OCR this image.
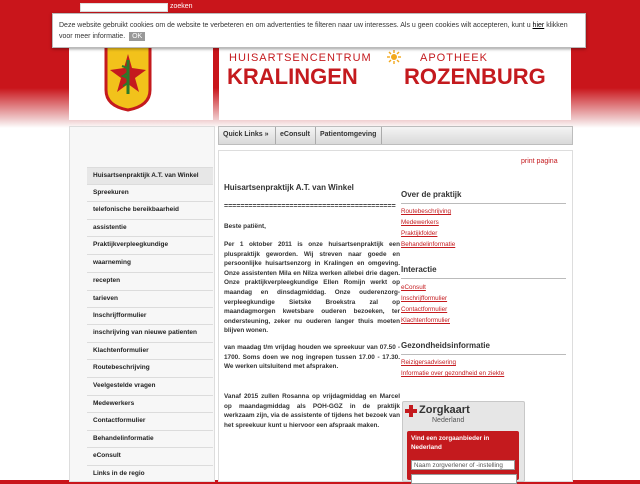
zoeken
HUISARTSENCENTRUM
KRALINGEN
APOTHEEK
ROZENBURG

Deze website gebruikt cookies om de website te verbeteren en om advertenties te filteren naar uw interesses. Als u geen cookies wilt accepteren, kunt u hier klikken voor meer informatie. OK

Quick Links » eConsult Patientomgeving
Huisartsenpraktijk A.T. van Winkel
Spreekuren
telefonische bereikbaarheid
assistentie
Praktijkverpleegkundige
waarneming
recepten
tarieven
Inschrijfformulier
inschrijving van nieuwe patienten
Klachtenformulier
Routebeschrijving
Veelgestelde vragen
Medewerkers
Contactformulier
Behandelinformatie
eConsult
Links in de regio
print pagina
Huisartsenpraktijk A.T. van Winkel
==========================================
Beste patiënt,
Per 1 oktober 2011 is onze huisartsenpraktijk een pluspraktijk geworden. Wij streven naar goede en persoonlijke huisartsenzorg in Kralingen en omgeving. Onze assistenten Mila en Nilza werken allebei drie dagen. Onze praktijkverpleegkundige Ellen Romijn werkt op maandag en dinsdagmiddag. Onze ouderenzorg-verpleegkundige Sietske Broekstra zal op maandagmorgen kwetsbare ouderen bezoeken, ter ondersteuning, zeker nu ouderen langer thuis moeten blijven wonen.
van maadag t/m vrijdag houden we spreekuur van 07.50 - 1700. Soms doen we nog ingrepen tussen 17.00 - 17.30. We werken uitsluitend met afspraken.
Vanaf 2015 zullen Rosanna op vrijdagmiddag en Marcel op maandagmiddag als POH-GGZ in de praktijk werkzaam zijn, via de assistente of tijdens het bezoek van het spreekuur kunt u hiervoor een afspraak maken.
Over de praktijk
Routebeschrijving
Medewerkers
Praktijkfolder
Behandelinformatie
Interactie
eConsult
Inschrijfformulier
Contactformulier
Klachtenformulier
Gezondheidsinformatie
Reizigersadvisering
Informatie over gezondheid en ziekte
Zorgkaart
Nederland
Vind een zorgaanbieder in Nederland
Naam zorgverlener of -instelling
